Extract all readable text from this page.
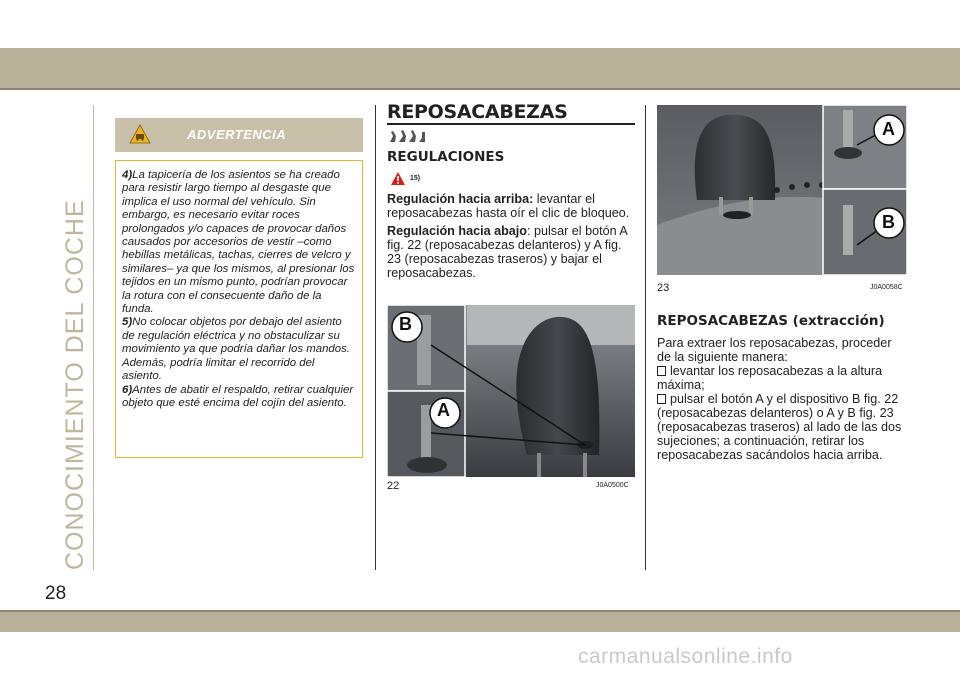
CONOCIMIENTO DEL COCHE
ADVERTENCIA

4)La tapicería de los asientos se ha creado para resistir largo tiempo al desgaste que implica el uso normal del vehículo. Sin embargo, es necesario evitar roces prolongados y/o capaces de provocar daños causados por accesorios de vestir –como hebillas metálicas, tachas, cierres de velcro y similares– ya que los mismos, al presionar los tejidos en un mismo punto, podrían provocar la rotura con el consecuente daño de la funda.

5)No colocar objetos por debajo del asiento de regulación eléctrica y no obstaculizar su movimiento ya que podría dañar los mandos. Además, podría limitar el recorrido del asiento.

6)Antes de abatir el respaldo, retirar cualquier objeto que esté encima del cojín del asiento.

REPOSACABEZAS
REGULACIONES
15)

Regulación hacia arriba: levantar el reposacabezas hasta oír el clic de bloqueo.

Regulación hacia abajo: pulsar el botón A fig. 22 (reposacabezas delanteros) y A fig. 23 (reposacabezas traseros) y bajar el reposacabezas.

B
A
22	J0A0500C
A
B
23	J0A0058C
REPOSACABEZAS (extracción)
Para extraer los reposacabezas, proceder de la siguiente manera:
levantar los reposacabezas a la altura máxima;
pulsar el botón A y el dispositivo B fig. 22 (reposacabezas delanteros) o A y B fig. 23 (reposacabezas traseros) al lado de las dos sujeciones; a continuación, retirar los reposacabezas sacándolos hacia arriba.
28
carmanualsonline.info
